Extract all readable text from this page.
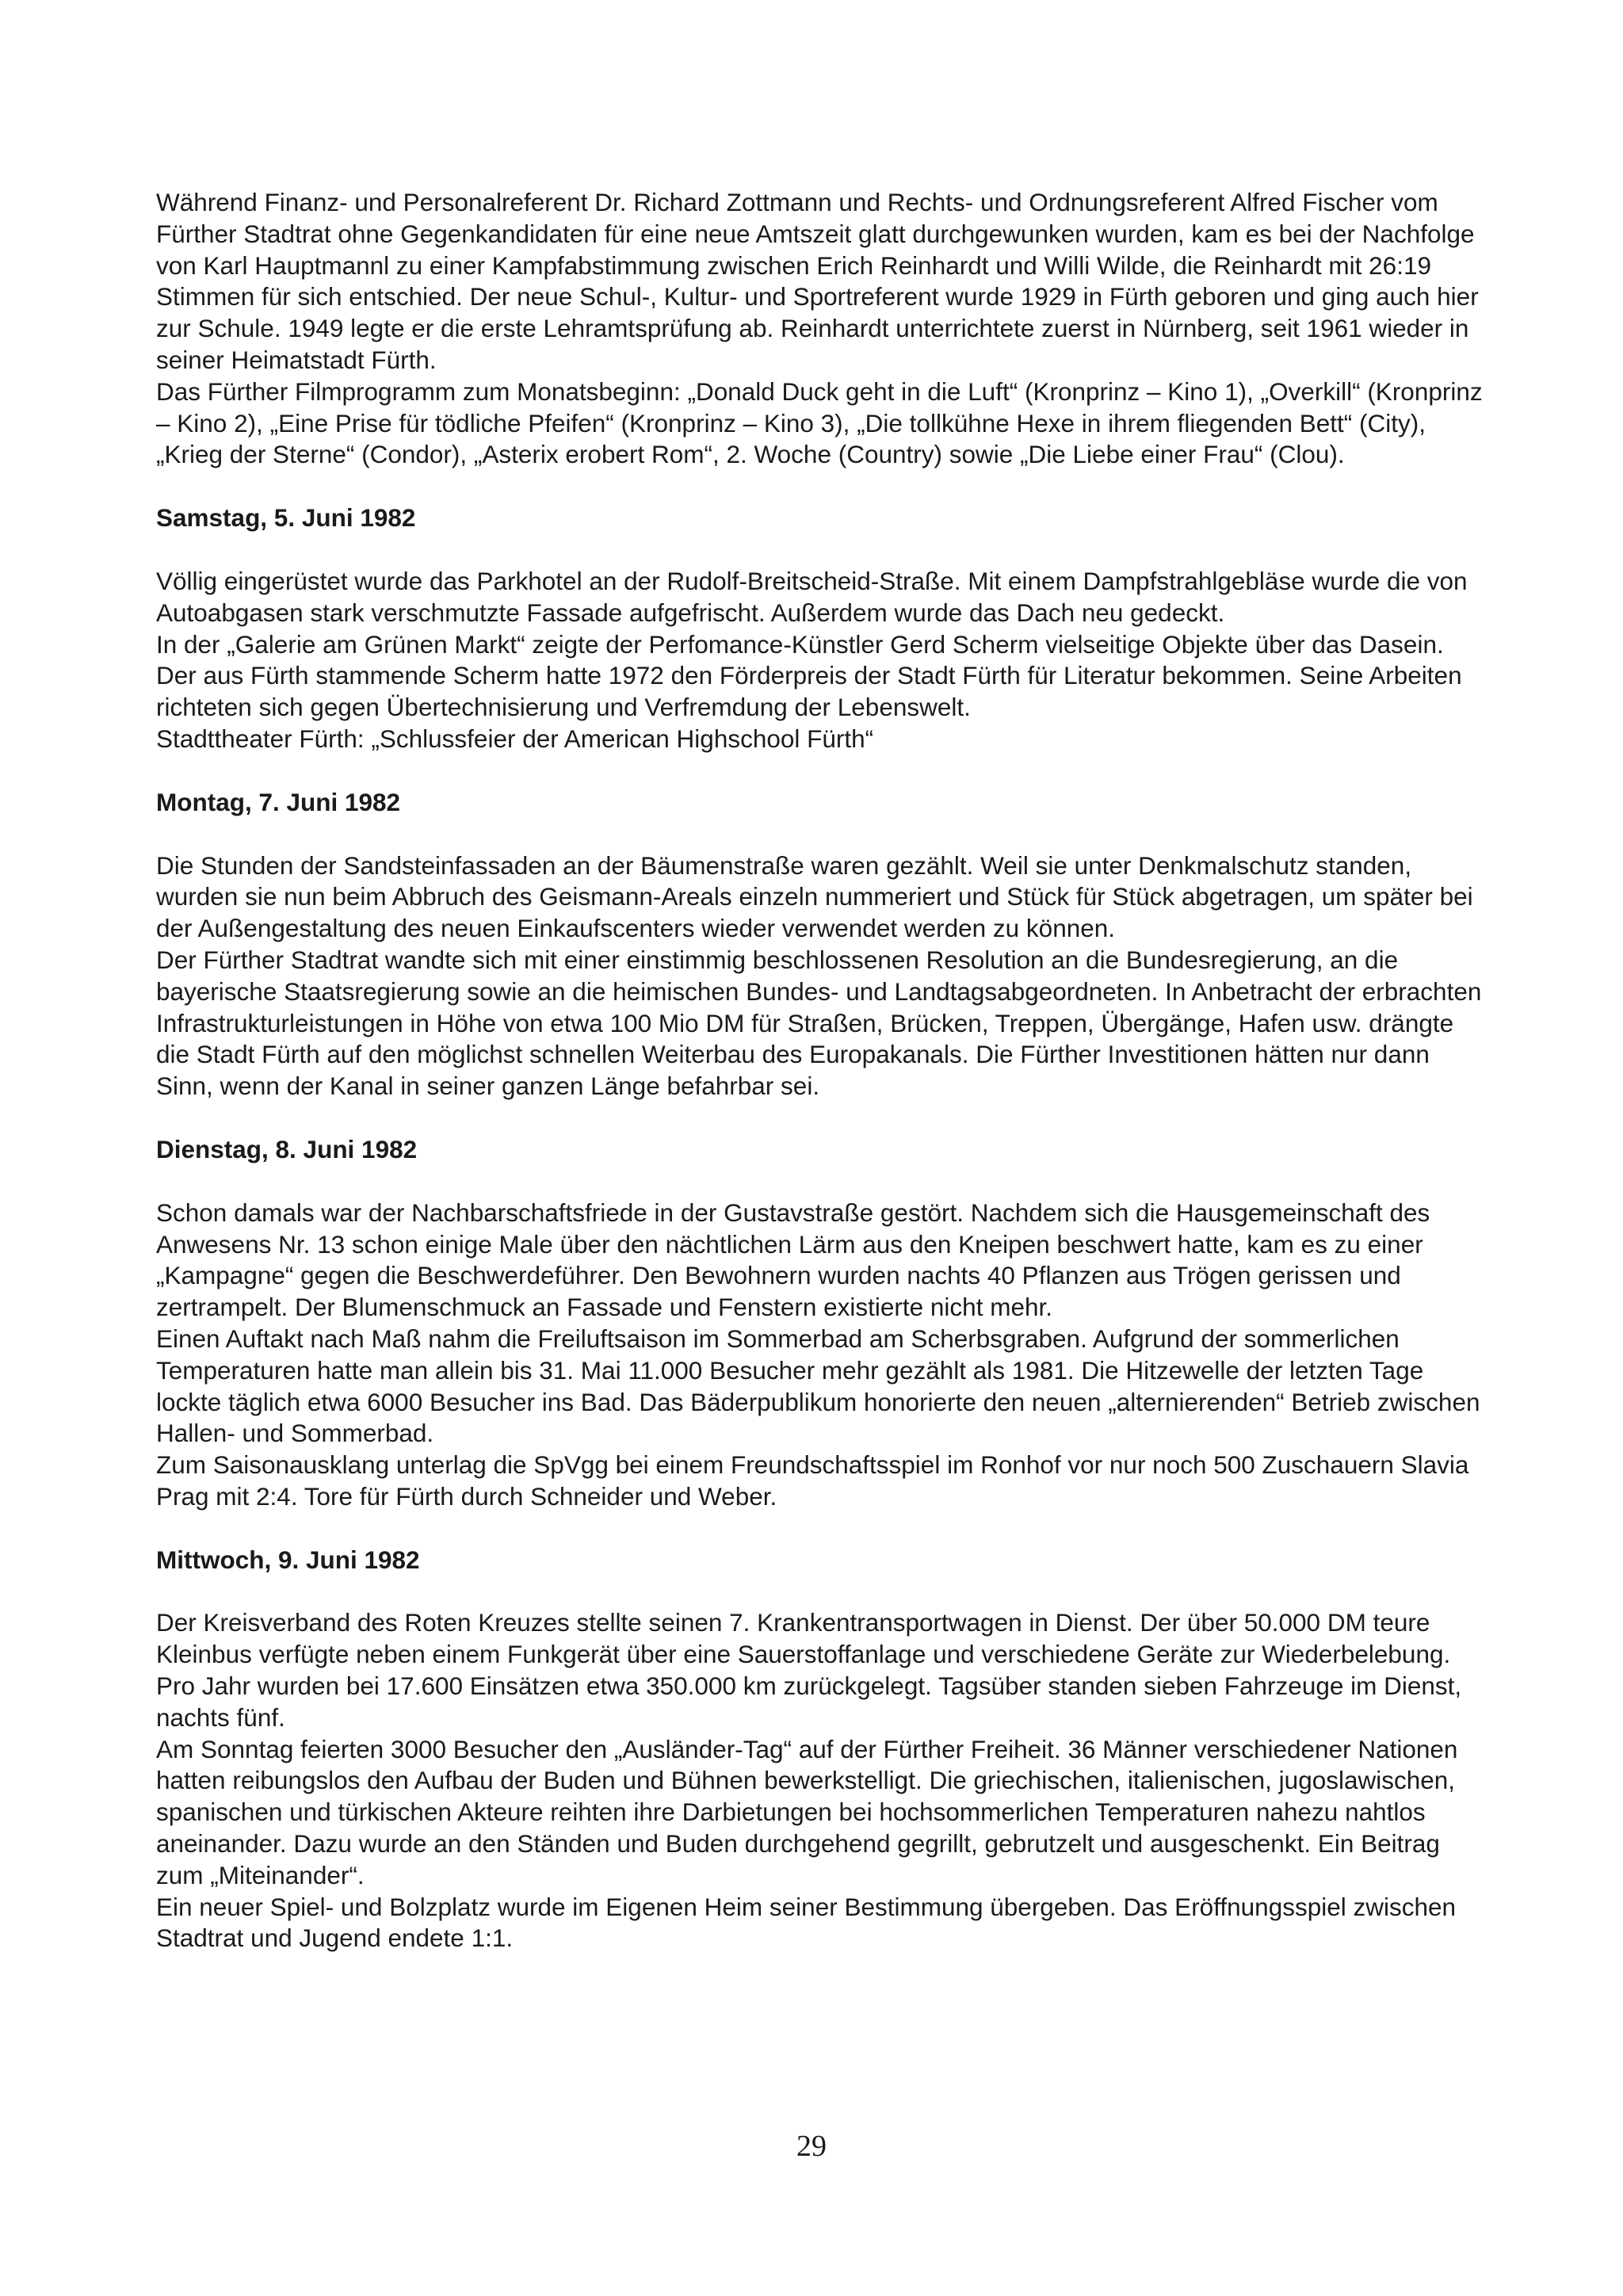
Während Finanz- und Personalreferent Dr. Richard Zottmann und Rechts- und Ordnungsreferent Alfred Fischer vom Fürther Stadtrat ohne Gegenkandidaten für eine neue Amtszeit glatt durchgewunken wurden, kam es bei der Nachfolge von Karl Hauptmannl zu einer Kampfabstimmung zwischen Erich Reinhardt und Willi Wilde, die Reinhardt mit 26:19 Stimmen für sich entschied. Der neue Schul-, Kultur- und Sportreferent wurde 1929 in Fürth geboren und ging auch hier zur Schule. 1949 legte er die erste Lehramtsprüfung ab. Reinhardt unterrichtete zuerst in Nürnberg, seit 1961 wieder in seiner Heimatstadt Fürth.

Das Fürther Filmprogramm zum Monatsbeginn: „Donald Duck geht in die Luft“ (Kronprinz – Kino 1), „Overkill“ (Kronprinz – Kino 2), „Eine Prise für tödliche Pfeifen“ (Kronprinz – Kino 3), „Die tollkühne Hexe in ihrem fliegenden Bett“ (City), „Krieg der Sterne“ (Condor), „Asterix erobert Rom“, 2. Woche (Country) sowie „Die Liebe einer Frau“ (Clou).

Samstag, 5. Juni 1982

Völlig eingerüstet wurde das Parkhotel an der Rudolf-Breitscheid-Straße. Mit einem Dampfstrahlgebläse wurde die von Autoabgasen stark verschmutzte Fassade aufgefrischt. Außerdem wurde das Dach neu gedeckt.

In der „Galerie am Grünen Markt“ zeigte der Perfomance-Künstler Gerd Scherm vielseitige Objekte über das Dasein. Der aus Fürth stammende Scherm hatte 1972 den Förderpreis der Stadt Fürth für Literatur bekommen. Seine Arbeiten richteten sich gegen Übertechnisierung und Verfremdung der Lebenswelt.

Stadttheater Fürth: „Schlussfeier der American Highschool Fürth“

Montag, 7. Juni 1982

Die Stunden der Sandsteinfassaden an der Bäumenstraße waren gezählt. Weil sie unter Denkmalschutz standen, wurden sie nun beim Abbruch des Geismann-Areals einzeln nummeriert und Stück für Stück abgetragen, um später bei der Außengestaltung des neuen Einkaufscenters wieder verwendet werden zu können.

Der Fürther Stadtrat wandte sich mit einer einstimmig beschlossenen Resolution an die Bundesregierung, an die bayerische Staatsregierung sowie an die heimischen Bundes- und Landtagsabgeordneten. In Anbetracht der erbrachten Infrastrukturleistungen in Höhe von etwa 100 Mio DM für Straßen, Brücken, Treppen, Übergänge, Hafen usw. drängte die Stadt Fürth auf den möglichst schnellen Weiterbau des Europakanals. Die Fürther Investitionen hätten nur dann Sinn, wenn der Kanal in seiner ganzen Länge befahrbar sei.

Dienstag, 8. Juni 1982

Schon damals war der Nachbarschaftsfriede in der Gustavstraße gestört. Nachdem sich die Hausgemeinschaft des Anwesens Nr. 13 schon einige Male über den nächtlichen Lärm aus den Kneipen beschwert hatte, kam es zu einer „Kampagne“ gegen die Beschwerdeführer. Den Bewohnern wurden nachts 40 Pflanzen aus Trögen gerissen und zertrampelt. Der Blumenschmuck an Fassade und Fenstern existierte nicht mehr.

Einen Auftakt nach Maß nahm die Freiluftsaison im Sommerbad am Scherbsgraben. Aufgrund der sommerlichen Temperaturen hatte man allein bis 31. Mai 11.000 Besucher mehr gezählt als 1981. Die Hitzewelle der letzten Tage lockte täglich etwa 6000 Besucher ins Bad. Das Bäderpublikum honorierte den neuen „alternierenden“ Betrieb zwischen Hallen- und Sommerbad.

Zum Saisonausklang unterlag die SpVgg bei einem Freundschaftsspiel im Ronhof vor nur noch 500 Zuschauern Slavia Prag mit 2:4. Tore für Fürth durch Schneider und Weber.

Mittwoch, 9. Juni 1982

Der Kreisverband des Roten Kreuzes stellte seinen 7. Krankentransportwagen in Dienst. Der über 50.000 DM teure Kleinbus verfügte neben einem Funkgerät über eine Sauerstoffanlage und verschiedene Geräte zur Wiederbelebung. Pro Jahr wurden bei 17.600 Einsätzen etwa 350.000 km zurückgelegt. Tagsüber standen sieben Fahrzeuge im Dienst, nachts fünf.

Am Sonntag feierten 3000 Besucher den „Ausländer-Tag“ auf der Fürther Freiheit. 36 Männer verschiedener Nationen hatten reibungslos den Aufbau der Buden und Bühnen bewerkstelligt. Die griechischen, italienischen, jugoslawischen, spanischen und türkischen Akteure reihten ihre Darbietungen bei hochsommerlichen Temperaturen nahezu nahtlos aneinander. Dazu wurde an den Ständen und Buden durchgehend gegrillt, gebrutzelt und ausgeschenkt. Ein Beitrag zum „Miteinander“.

Ein neuer Spiel- und Bolzplatz wurde im Eigenen Heim seiner Bestimmung übergeben. Das Eröffnungsspiel zwischen Stadtrat und Jugend endete 1:1.

29
